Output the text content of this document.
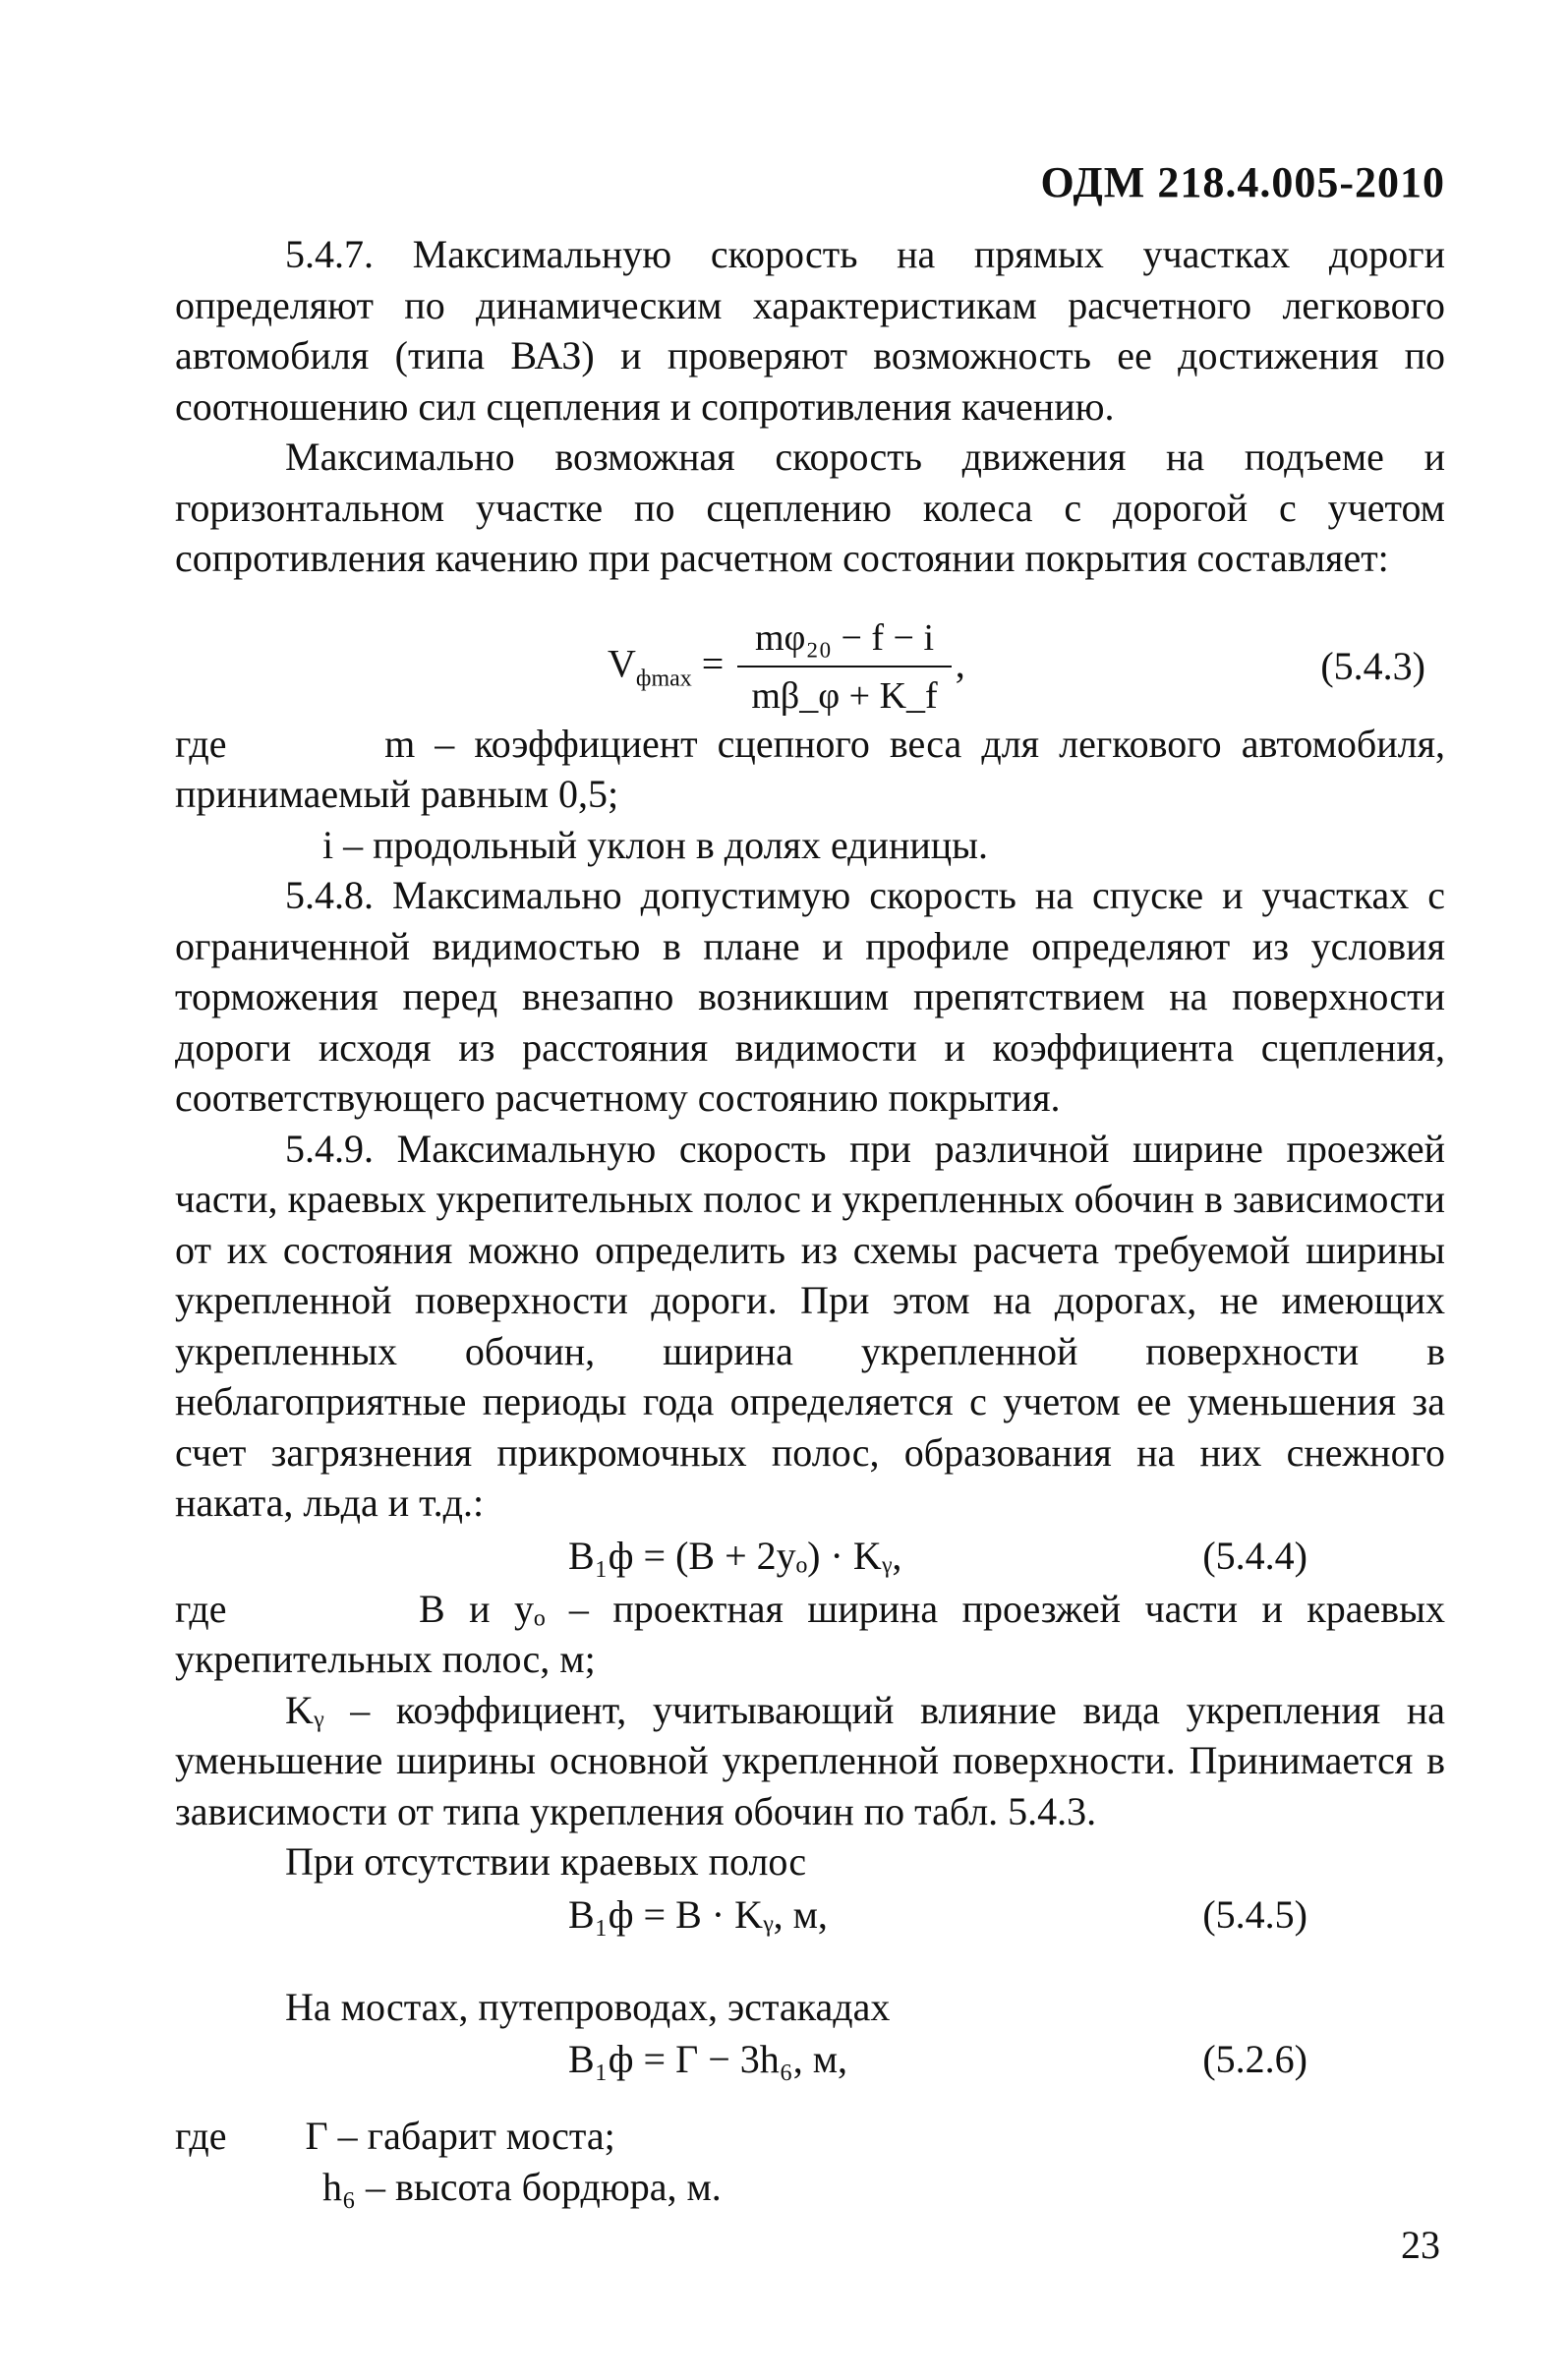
ОДМ 218.4.005-2010

5.4.7. Максимальную скорость на прямых участках дороги определяют по динамическим характеристикам расчетного легкового автомобиля (типа ВАЗ) и проверяют возможность ее достижения по соотношению сил сцепления и сопротивления качению.

Максимально возможная скорость движения на подъеме и горизонтальном участке по сцеплению колеса с дорогой с учетом сопротивления качению при расчетном состоянии покрытия составляет:

$V_{фmax} = \frac{\text{mφ₂₀ − f − i}}{m\beta\_\varphi + K\_f}$ ,	(5.4.3)

где	m – коэффициент сцепного веса для легкового автомобиля, принимаемый равным 0,5;

i – продольный уклон в долях единицы.

5.4.8. Максимально допустимую скорость на спуске и участках с ограниченной видимостью в плане и профиле определяют из условия торможения перед внезапно возникшим препятствием на поверхности дороги исходя из расстояния видимости и коэффициента сцепления, соответствующего расчетному состоянию покрытия.

5.4.9. Максимальную скорость при различной ширине проезжей части, краевых укрепительных полос и укрепленных обочин в зависимости от их состояния можно определить из схемы расчета требуемой ширины укрепленной поверхности дороги. При этом на дорогах, не имеющих укрепленных обочин, ширина укрепленной поверхности в неблагоприятные периоды года определяется с учетом ее уменьшения за счет загрязнения прикромочных полос, образования на них снежного наката, льда и т.д.:

B₁ф = (B + 2yₒ) · Kᵧ,	(5.4.4)

где	B и yₒ – проектная ширина проезжей части и краевых укрепительных полос, м;

Kᵧ – коэффициент, учитывающий влияние вида укрепления на уменьшение ширины основной укрепленной поверхности. Принимается в зависимости от типа укрепления обочин по табл. 5.4.3.

При отсутствии краевых полос

B₁ф = B · Kᵧ, м,	(5.4.5)

На мостах, путепроводах, эстакадах

B₁ф = Г − 3h₆, м,	(5.2.6)

где Г – габарит моста;

h₆ – высота бордюра, м.

23
